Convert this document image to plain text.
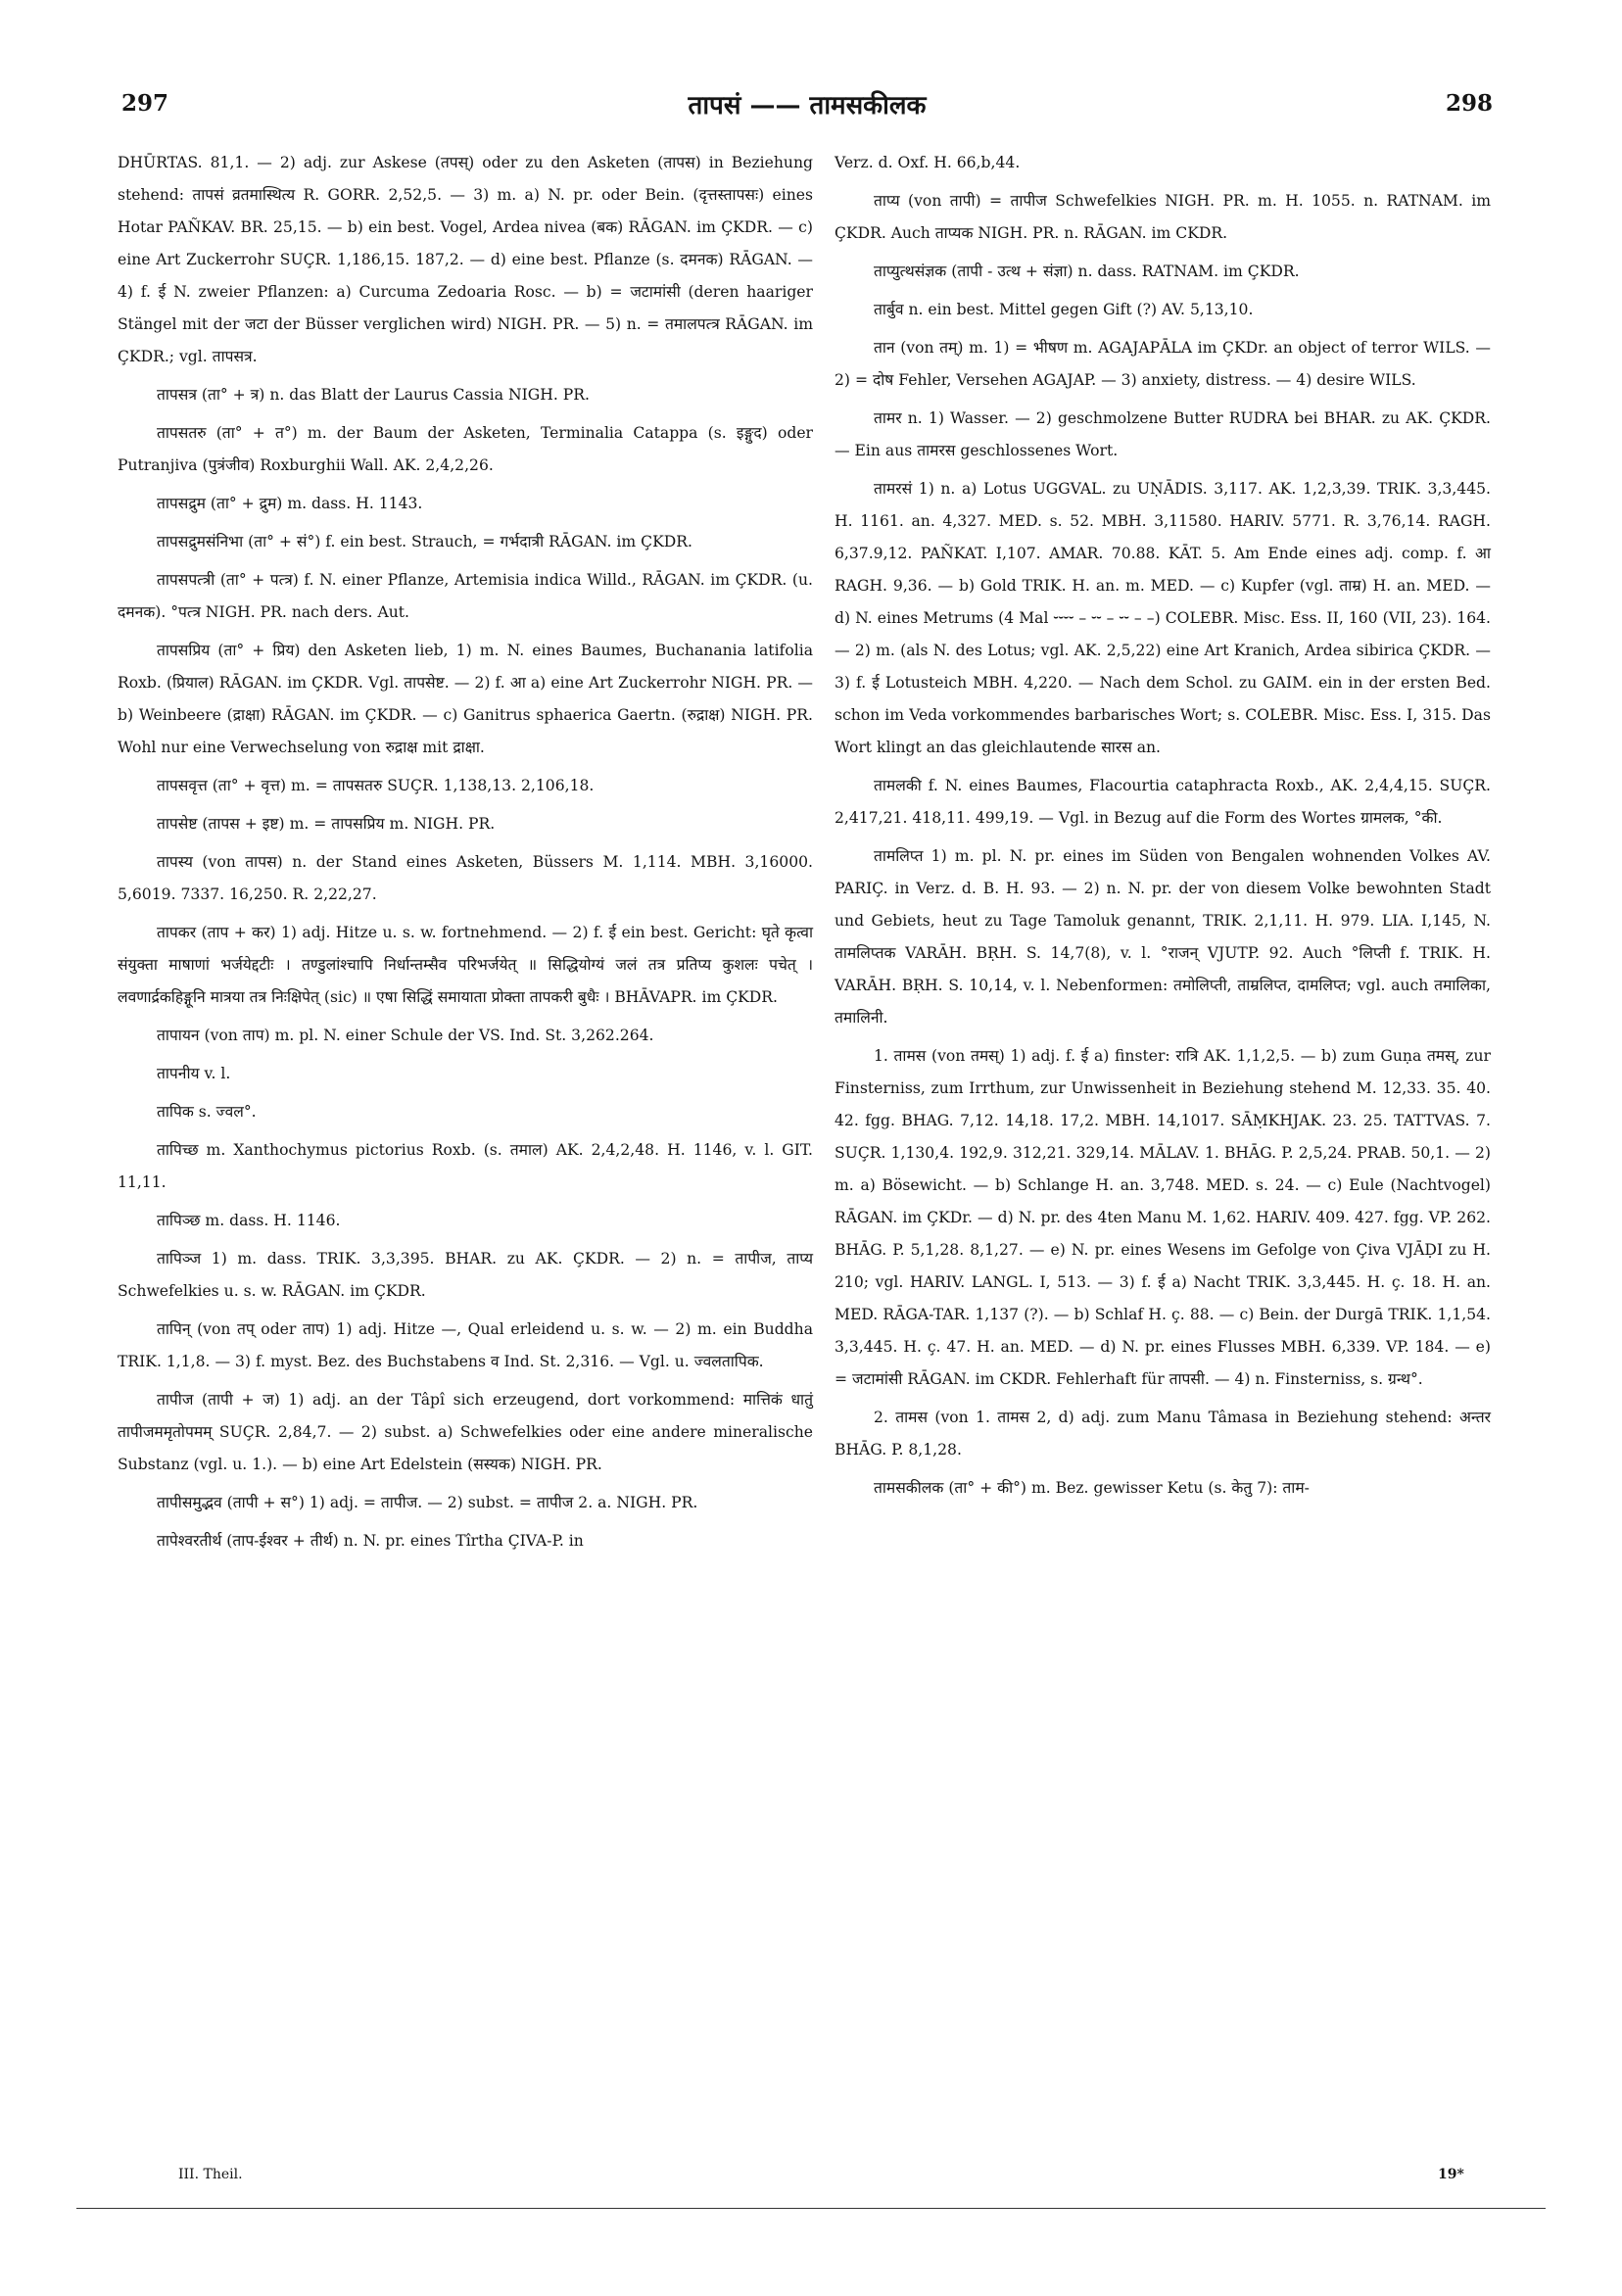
297	तापसं —— तामसकीलक	298

DHŪRTAS. 81,1. — 2) adj. zur Askese (तपस्) oder zu den Asketen (तापस) in Beziehung stehend: तापसं व्रतमास्थित्य R. GORR. 2,52,5. — 3) m. a) N. pr. oder Bein. (दृत्तस्तापसः) eines Hotar PAÑKAV. BR. 25,15. — b) ein best. Vogel, Ardea nivea (बक) RĀGAN. im ÇKDR. — c) eine Art Zuckerrohr SUÇR. 1,186,15. 187,2. — d) eine best. Pflanze (s. दमनक) RĀGAN. — 4) f. ई N. zweier Pflanzen: a) Curcuma Zedoaria Rosc. — b) = जटामांसी (deren haariger Stängel mit der जटा der Büsser verglichen wird) NIGH. PR. — 5) n. = तमालपत्त्र RĀGAN. im ÇKDR.; vgl. तापसत्र.

तापसत्र (ता° + त्र) n. das Blatt der Laurus Cassia NIGH. PR.

तापसतरु (ता° + त°) m. der Baum der Asketen, Terminalia Catappa (s. इङ्गुद) oder Putranjiva (पुत्रंजीव) Roxburghii Wall. AK. 2,4,2,26.

तापसद्रुम (ता° + द्रुम) m. dass. H. 1143.

तापसद्रुमसंनिभा (ता° + सं°) f. ein best. Strauch, = गर्भदात्री RĀGAN. im ÇKDR.

तापसपत्त्री (ता° + पत्त्र) f. N. einer Pflanze, Artemisia indica Willd., RĀGAN. im ÇKDR. (u. दमनक). °पत्त्र NIGH. PR. nach ders. Aut.

तापसप्रिय (ता° + प्रिय) den Asketen lieb, 1) m. N. eines Baumes, Buchanania latifolia Roxb. (प्रियाल) RĀGAN. im ÇKDR. Vgl. तापसेष्ट. — 2) f. आ a) eine Art Zuckerrohr NIGH. PR. — b) Weinbeere (द्राक्षा) RĀGAN. im ÇKDR. — c) Ganitrus sphaerica Gaertn. (रुद्राक्ष) NIGH. PR. Wohl nur eine Verwechselung von रुद्राक्ष mit द्राक्षा.

तापसवृत्त (ता° + वृत्त) m. = तापसतरु SUÇR. 1,138,13. 2,106,18.

तापसेष्ट (तापस + इष्ट) m. = तापसप्रिय m. NIGH. PR.

तापस्य (von तापस) n. der Stand eines Asketen, Büssers M. 1,114. MBH. 3,16000. 5,6019. 7337. 16,250. R. 2,22,27.

तापकर (ताप + कर) 1) adj. Hitze u. s. w. fortnehmend. — 2) f. ई ein best. Gericht: घृते कृत्वा संयुक्ता माषाणां भर्जयेद्दटीः । तण्डुलांश्चापि निर्धान्तम्सैव परिभर्जयेत् ॥ सिद्धियोग्यं जलं तत्र प्रतिप्य कुशलः पचेत् । लवणार्द्रकहिङ्गूनि मात्रया तत्र निःक्षिपेत् (sic) ॥ एषा सिद्धिं समायाता प्रोक्ता तापकरी बुधैः । BHĀVAPR. im ÇKDR.

तापायन (von ताप) m. pl. N. einer Schule der VS. Ind. St. 3,262.264.

तापनीय v. l.

तापिक s. ज्वल°.

तापिच्छ m. Xanthochymus pictorius Roxb. (s. तमाल) AK. 2,4,2,48. H. 1146, v. l. GIT. 11,11.

तापिञ्छ m. dass. H. 1146.

तापिञ्ज 1) m. dass. TRIK. 3,3,395. BHAR. zu AK. ÇKDR. — 2) n. = तापीज, ताप्य Schwefelkies u. s. w. RĀGAN. im ÇKDR.

तापिन् (von तप् oder ताप) 1) adj. Hitze —, Qual erleidend u. s. w. — 2) m. ein Buddha TRIK. 1,1,8. — 3) f. myst. Bez. des Buchstabens व Ind. St. 2,316. — Vgl. u. ज्वलतापिक.

तापीज (तापी + ज) 1) adj. an der Tâpî sich erzeugend, dort vorkommend: मात्तिकं धातुं तापीजममृतोपमम् SUÇR. 2,84,7. — 2) subst. a) Schwefelkies oder eine andere mineralische Substanz (vgl. u. 1.). — b) eine Art Edelstein (सस्यक) NIGH. PR.

तापीसमुद्भव (तापी + स°) 1) adj. = तापीज. — 2) subst. = तापीज 2. a. NIGH. PR.

तापेश्वरतीर्थ (ताप-ईश्वर + तीर्थ) n. N. pr. eines Tîrtha ÇIVA-P. in

Verz. d. Oxf. H. 66,b,44.

ताप्य (von तापी) = तापीज Schwefelkies NIGH. PR. m. H. 1055. n. RATNAM. im ÇKDR. Auch ताप्यक NIGH. PR. n. RĀGAN. im CKDR.

ताप्युत्थसंज्ञक (तापी - उत्थ + संज्ञा) n. dass. RATNAM. im ÇKDR.

तार्बुव n. ein best. Mittel gegen Gift (?) AV. 5,13,10.

तान (von तम्) m. 1) = भीषण m. AGAJAPĀLA im ÇKDr. an object of terror WILS. — 2) = दोष Fehler, Versehen AGAJAP. — 3) anxiety, distress. — 4) desire WILS.

तामर n. 1) Wasser. — 2) geschmolzene Butter RUDRA bei BHAR. zu AK. ÇKDR. — Ein aus तामरस geschlossenes Wort.

तामरसं 1) n. a) Lotus UGGVAL. zu UṆĀDIS. 3,117. AK. 1,2,3,39. TRIK. 3,3,445. H. 1161. an. 4,327. MED. s. 52. MBH. 3,11580. HARIV. 5771. R. 3,76,14. RAGH. 6,37.9,12. PAÑKAT. I,107. AMAR. 70.88. KĀT. 5. Am Ende eines adj. comp. f. आ RAGH. 9,36. — b) Gold TRIK. H. an. m. MED. — c) Kupfer (vgl. ताम्र) H. an. MED. — d) N. eines Metrums (4 Mal ⏑⏑⏑⏑ – ⏑⏑ – ⏑⏑ – –) COLEBR. Misc. Ess. II, 160 (VII, 23). 164. — 2) m. (als N. des Lotus; vgl. AK. 2,5,22) eine Art Kranich, Ardea sibirica ÇKDR. — 3) f. ई Lotusteich MBH. 4,220. — Nach dem Schol. zu GAIM. ein in der ersten Bed. schon im Veda vorkommendes barbarisches Wort; s. COLEBR. Misc. Ess. I, 315. Das Wort klingt an das gleichlautende सारस an.

तामलकी f. N. eines Baumes, Flacourtia cataphracta Roxb., AK. 2,4,4,15. SUÇR. 2,417,21. 418,11. 499,19. — Vgl. in Bezug auf die Form des Wortes ग्रामलक, °की.

तामलिप्त 1) m. pl. N. pr. eines im Süden von Bengalen wohnenden Volkes AV. PARIÇ. in Verz. d. B. H. 93. — 2) n. N. pr. der von diesem Volke bewohnten Stadt und Gebiets, heut zu Tage Tamoluk genannt, TRIK. 2,1,11. H. 979. LIA. I,145, N. तामलिप्तक VARĀH. BṚH. S. 14,7(8), v. l. °राजन् VJUTP. 92. Auch °लिप्ती f. TRIK. H. VARĀH. BṚH. S. 10,14, v. l. Nebenformen: तमोलिप्ती, ताम्रलिप्त, दामलिप्त; vgl. auch तमालिका, तमालिनी.

1. तामस (von तमस्) 1) adj. f. ई a) finster: रात्रि AK. 1,1,2,5. — b) zum Guṇa तमस्, zur Finsterniss, zum Irrthum, zur Unwissenheit in Beziehung stehend M. 12,33. 35. 40. 42. fgg. BHAG. 7,12. 14,18. 17,2. MBH. 14,1017. SĀṂKHJAK. 23. 25. TATTVAS. 7. SUÇR. 1,130,4. 192,9. 312,21. 329,14. MĀLAV. 1. BHĀG. P. 2,5,24. PRAB. 50,1. — 2) m. a) Bösewicht. — b) Schlange H. an. 3,748. MED. s. 24. — c) Eule (Nachtvogel) RĀGAN. im ÇKDr. — d) N. pr. des 4ten Manu M. 1,62. HARIV. 409. 427. fgg. VP. 262. BHĀG. P. 5,1,28. 8,1,27. — e) N. pr. eines Wesens im Gefolge von Çiva VJĀḌI zu H. 210; vgl. HARIV. LANGL. I, 513. — 3) f. ई a) Nacht TRIK. 3,3,445. H. ç. 18. H. an. MED. RĀGA-TAR. 1,137 (?). — b) Schlaf H. ç. 88. — c) Bein. der Durgā TRIK. 1,1,54. 3,3,445. H. ç. 47. H. an. MED. — d) N. pr. eines Flusses MBH. 6,339. VP. 184. — e) = जटामांसी RĀGAN. im CKDR. Fehlerhaft für तापसी. — 4) n. Finsterniss, s. ग्रन्थ°.

2. तामस (von 1. तामस 2, d) adj. zum Manu Tâmasa in Beziehung stehend: अन्तर BHĀG. P. 8,1,28.

तामसकीलक (ता° + की°) m. Bez. gewisser Ketu (s. केतु 7): ताम-

III. Theil.	19*
